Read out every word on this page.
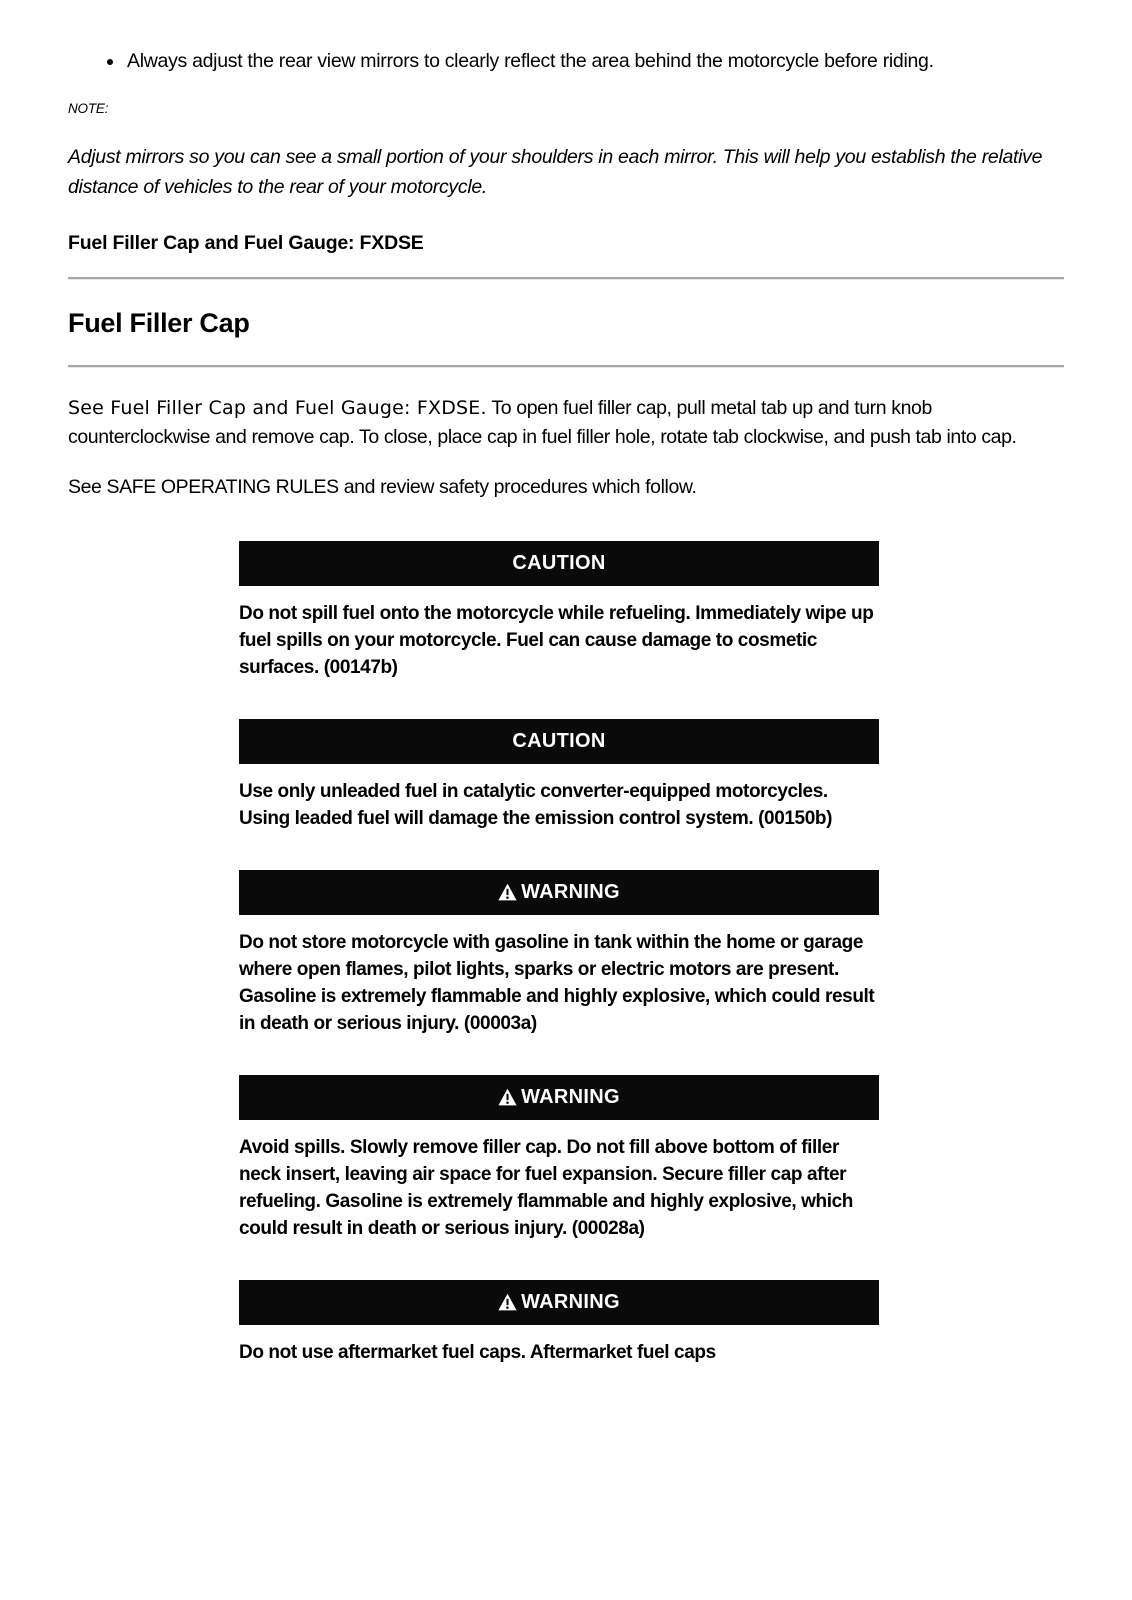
• Always adjust the rear view mirrors to clearly reflect the area behind the motorcycle before riding.
NOTE:
Adjust mirrors so you can see a small portion of your shoulders in each mirror. This will help you establish the relative distance of vehicles to the rear of your motorcycle.
Fuel Filler Cap and Fuel Gauge: FXDSE
Fuel Filler Cap

See Fuel Filler Cap and Fuel Gauge: FXDSE. To open fuel filler cap, pull metal tab up and turn knob counterclockwise and remove cap. To close, place cap in fuel filler hole, rotate tab clockwise, and push tab into cap.

See SAFE OPERATING RULES and review safety procedures which follow.

CAUTION
Do not spill fuel onto the motorcycle while refueling. Immediately wipe up fuel spills on your motorcycle. Fuel can cause damage to cosmetic surfaces. (00147b)
CAUTION
Use only unleaded fuel in catalytic converter-equipped motorcycles. Using leaded fuel will damage the emission control system. (00150b)
WARNING
Do not store motorcycle with gasoline in tank within the home or garage where open flames, pilot lights, sparks or electric motors are present. Gasoline is extremely flammable and highly explosive, which could result in death or serious injury. (00003a)
WARNING
Avoid spills. Slowly remove filler cap. Do not fill above bottom of filler neck insert, leaving air space for fuel expansion. Secure filler cap after refueling. Gasoline is extremely flammable and highly explosive, which could result in death or serious injury. (00028a)
WARNING
Do not use aftermarket fuel caps. Aftermarket fuel caps
